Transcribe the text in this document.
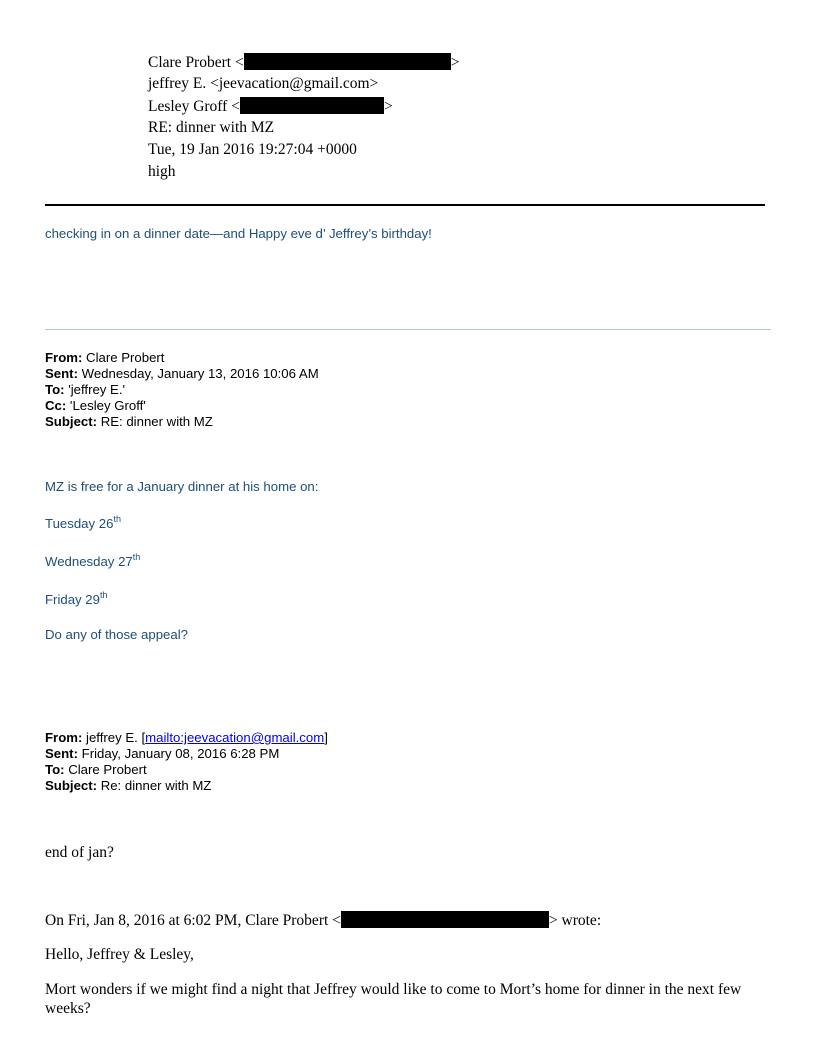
Clare Probert <	>
jeffrey E. <jeevacation@gmail.com>
Lesley Groff <	>
RE: dinner with MZ
Tue, 19 Jan 2016 19:27:04 +0000
high
checking in on a dinner date—and Happy eve d’ Jeffrey’s birthday!
From: Clare Probert
Sent: Wednesday, January 13, 2016 10:06 AM
To: 'jeffrey E.'
Cc: 'Lesley Groff'
Subject: RE: dinner with MZ
MZ is free for a January dinner at his home on:
Tuesday 26th
Wednesday 27th
Friday 29th
Do any of those appeal?
From: jeffrey E. [mailto:jeevacation@gmail.com]
Sent: Friday, January 08, 2016 6:28 PM
To: Clare Probert
Subject: Re: dinner with MZ
end of jan?
On Fri, Jan 8, 2016 at 6:02 PM, Clare Probert <	> wrote:
Hello, Jeffrey & Lesley,
Mort wonders if we might find a night that Jeffrey would like to come to Mort’s home for dinner in the next few weeks?
